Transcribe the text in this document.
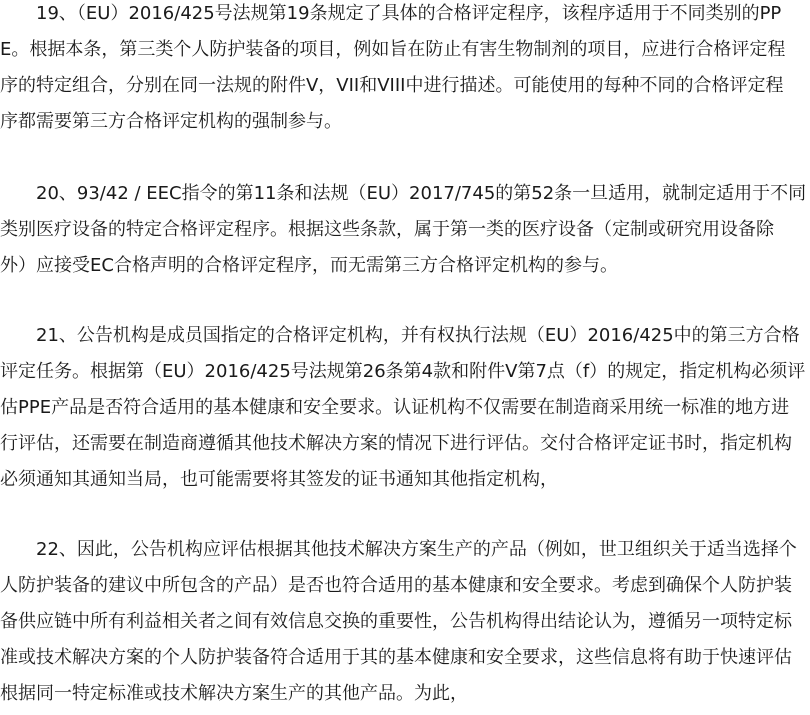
19、（EU）2016/425号法规第19条规定了具体的合格评定程序，该程序适用于不同类别的PP
E。根据本条，第三类个人防护装备的项目，例如旨在防止有害生物制剂的项目，应进行合格评定程
序的特定组合，分别在同一法规的附件V，VII和VIII中进行描述。可能使用的每种不同的合格评定程
序都需要第三方合格评定机构的强制参与。
20、93/42 / EEC指令的第11条和法规（EU）2017/745的第52条一旦适用，就制定适用于不同
类别医疗设备的特定合格评定程序。根据这些条款，属于第一类的医疗设备（定制或研究用设备除
外）应接受EC合格声明的合格评定程序，而无需第三方合格评定机构的参与。
21、公告机构是成员国指定的合格评定机构，并有权执行法规（EU）2016/425中的第三方合格
评定任务。根据第（EU）2016/425号法规第26条第4款和附件V第7点（f）的规定，指定机构必须评
估PPE产品是否符合适用的基本健康和安全要求。认证机构不仅需要在制造商采用统一标准的地方进
行评估，还需要在制造商遵循其他技术解决方案的情况下进行评估。交付合格评定证书时，指定机构
必须通知其通知当局，也可能需要将其签发的证书通知其他指定机构，
22、因此，公告机构应评估根据其他技术解决方案生产的产品（例如，世卫组织关于适当选择个
人防护装备的建议中所包含的产品）是否也符合适用的基本健康和安全要求。考虑到确保个人防护装
备供应链中所有利益相关者之间有效信息交换的重要性，公告机构得出结论认为，遵循另一项特定标
准或技术解决方案的个人防护装备符合适用于其的基本健康和安全要求，这些信息将有助于快速评估
根据同一特定标准或技术解决方案生产的其他产品。为此，
